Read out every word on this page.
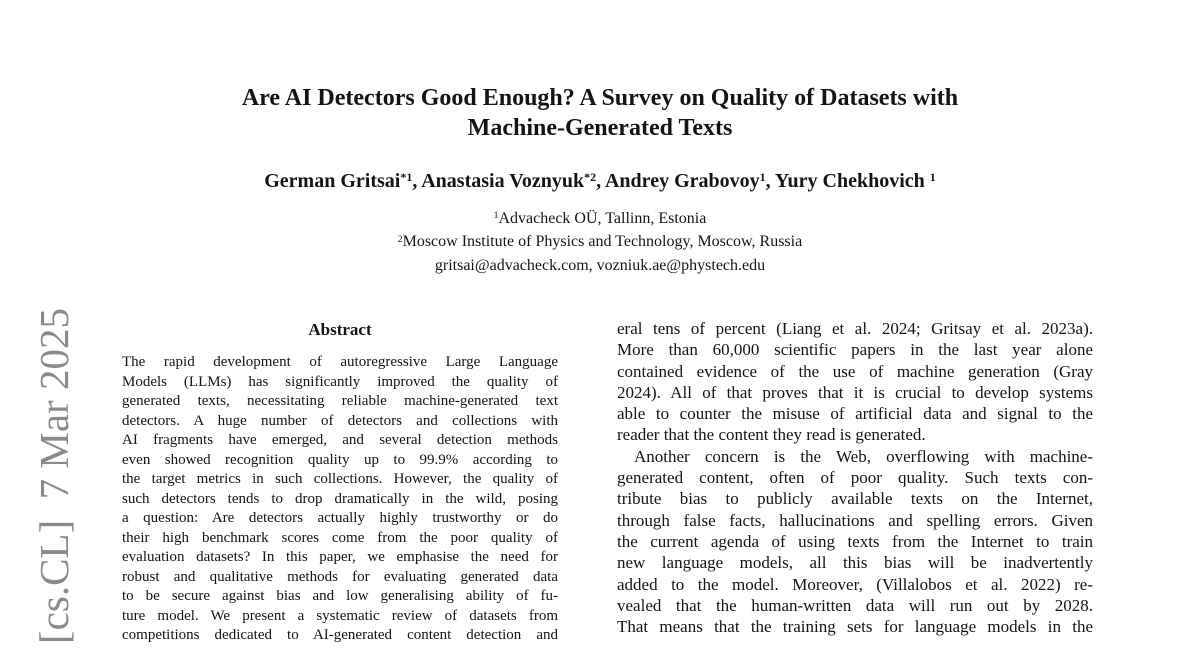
[cs.CL]  7 Mar 2025
Are AI Detectors Good Enough? A Survey on Quality of Datasets with
Machine-Generated Texts
German Gritsai$^{*1}$, Anastasia Voznyuk$^{*2}$, Andrey Grabovoy$^1$, Yury Chekhovich $^1$
$^1$Advacheck OÜ, Tallinn, Estonia
$^2$Moscow Institute of Physics and Technology, Moscow, Russia
gritsai@advacheck.com, vozniuk.ae@phystech.edu
Abstract
The rapid development of autoregressive Large Language
Models (LLMs) has significantly improved the quality of
generated texts, necessitating reliable machine-generated text
detectors. A huge number of detectors and collections with
AI fragments have emerged, and several detection methods
even showed recognition quality up to 99.9% according to
the target metrics in such collections. However, the quality of
such detectors tends to drop dramatically in the wild, posing
a question: Are detectors actually highly trustworthy or do
their high benchmark scores come from the poor quality of
evaluation datasets? In this paper, we emphasise the need for
robust and qualitative methods for evaluating generated data
to be secure against bias and low generalising ability of fu-
ture model. We present a systematic review of datasets from
competitions dedicated to AI-generated content detection and
eral tens of percent (Liang et al. 2024; Gritsay et al. 2023a).
More than 60,000 scientific papers in the last year alone
contained evidence of the use of machine generation (Gray
2024). All of that proves that it is crucial to develop systems
able to counter the misuse of artificial data and signal to the
reader that the content they read is generated.
Another concern is the Web, overflowing with machine-
generated content, often of poor quality. Such texts con-
tribute bias to publicly available texts on the Internet,
through false facts, hallucinations and spelling errors. Given
the current agenda of using texts from the Internet to train
new language models, all this bias will be inadvertently
added to the model. Moreover, (Villalobos et al. 2022) re-
vealed that the human-written data will run out by 2028.
That means that the training sets for language models in the
